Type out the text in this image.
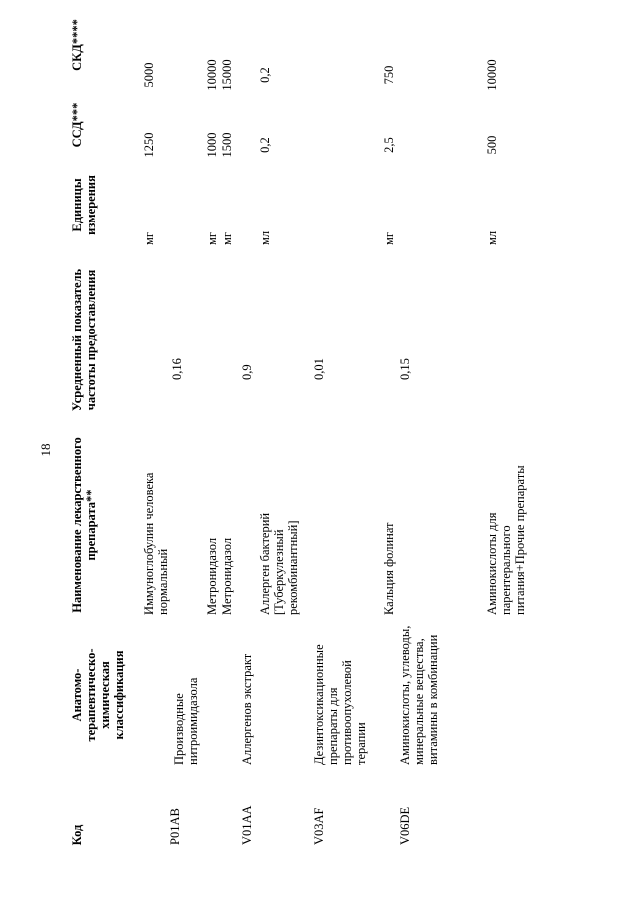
18
Код
Анатомо-терапевтическо-химическая классификация
Наименование лекарственного препарата**
Усредненный показатель частоты предоставления
Единицы измерения
ССД***
СКД****
Иммуноглобулин человека нормальный
мг
1250
5000
P01AB
Производные нитроимидазола
0,16
Метронидазол
мг
1000
10000
Метронидазол
мг
1500
15000
V01AA
Аллергенов экстракт
0,9
Аллерген бактерий [Туберкулезный рекомбинантный]
мл
0,2
0,2
V03AF
Дезинтоксикационные препараты для противоопухолевой терапии
0,01
Кальция фолинат
мг
2,5
750
V06DE
Аминокислоты, углеводы, минеральные вещества, витамины в комбинации
0,15
Аминокислоты для парентерального питания+Прочие препараты
мл
500
10000
